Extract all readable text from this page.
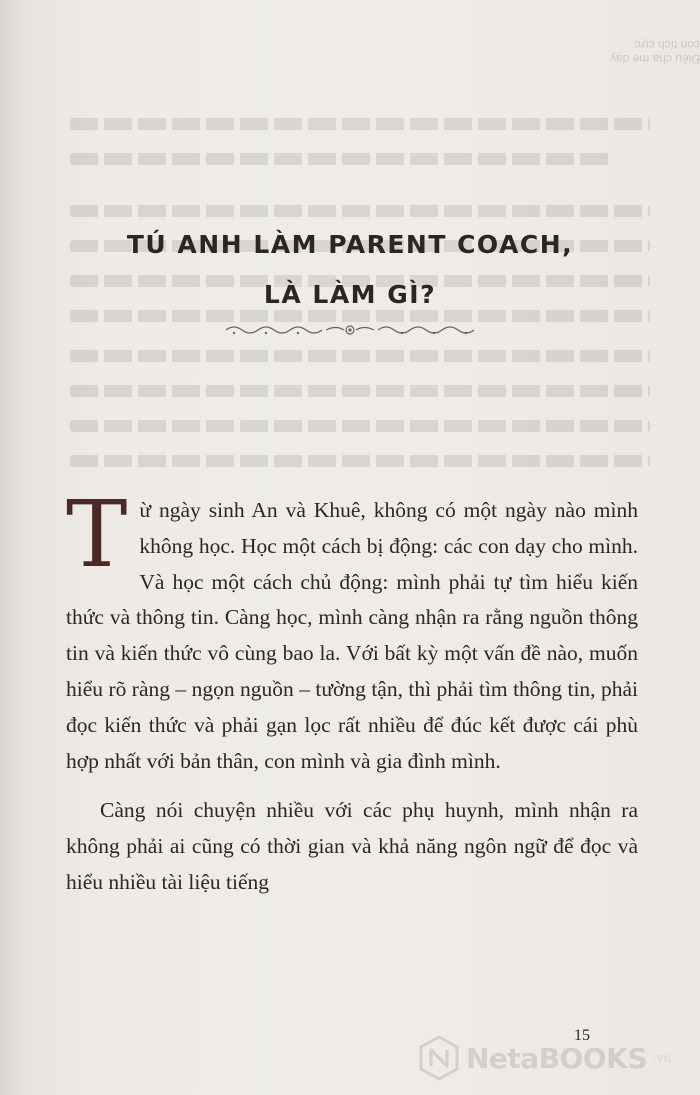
Điều cha mẹ dạy con tích cực
TÚ ANH LÀM PARENT COACH,
LÀ LÀM GÌ?

Từ ngày sinh An và Khuê, không có một ngày nào mình không học. Học một cách bị động: các con dạy cho mình. Và học một cách chủ động: mình phải tự tìm hiểu kiến thức và thông tin. Càng học, mình càng nhận ra rằng nguồn thông tin và kiến thức vô cùng bao la. Với bất kỳ một vấn đề nào, muốn hiểu rõ ràng – ngọn nguồn – tường tận, thì phải tìm thông tin, phải đọc kiến thức và phải gạn lọc rất nhiều để đúc kết được cái phù hợp nhất với bản thân, con mình và gia đình mình.

Càng nói chuyện nhiều với các phụ huynh, mình nhận ra không phải ai cũng có thời gian và khả năng ngôn ngữ để đọc và hiểu nhiều tài liệu tiếng

15
NetaBOOKS .vn
